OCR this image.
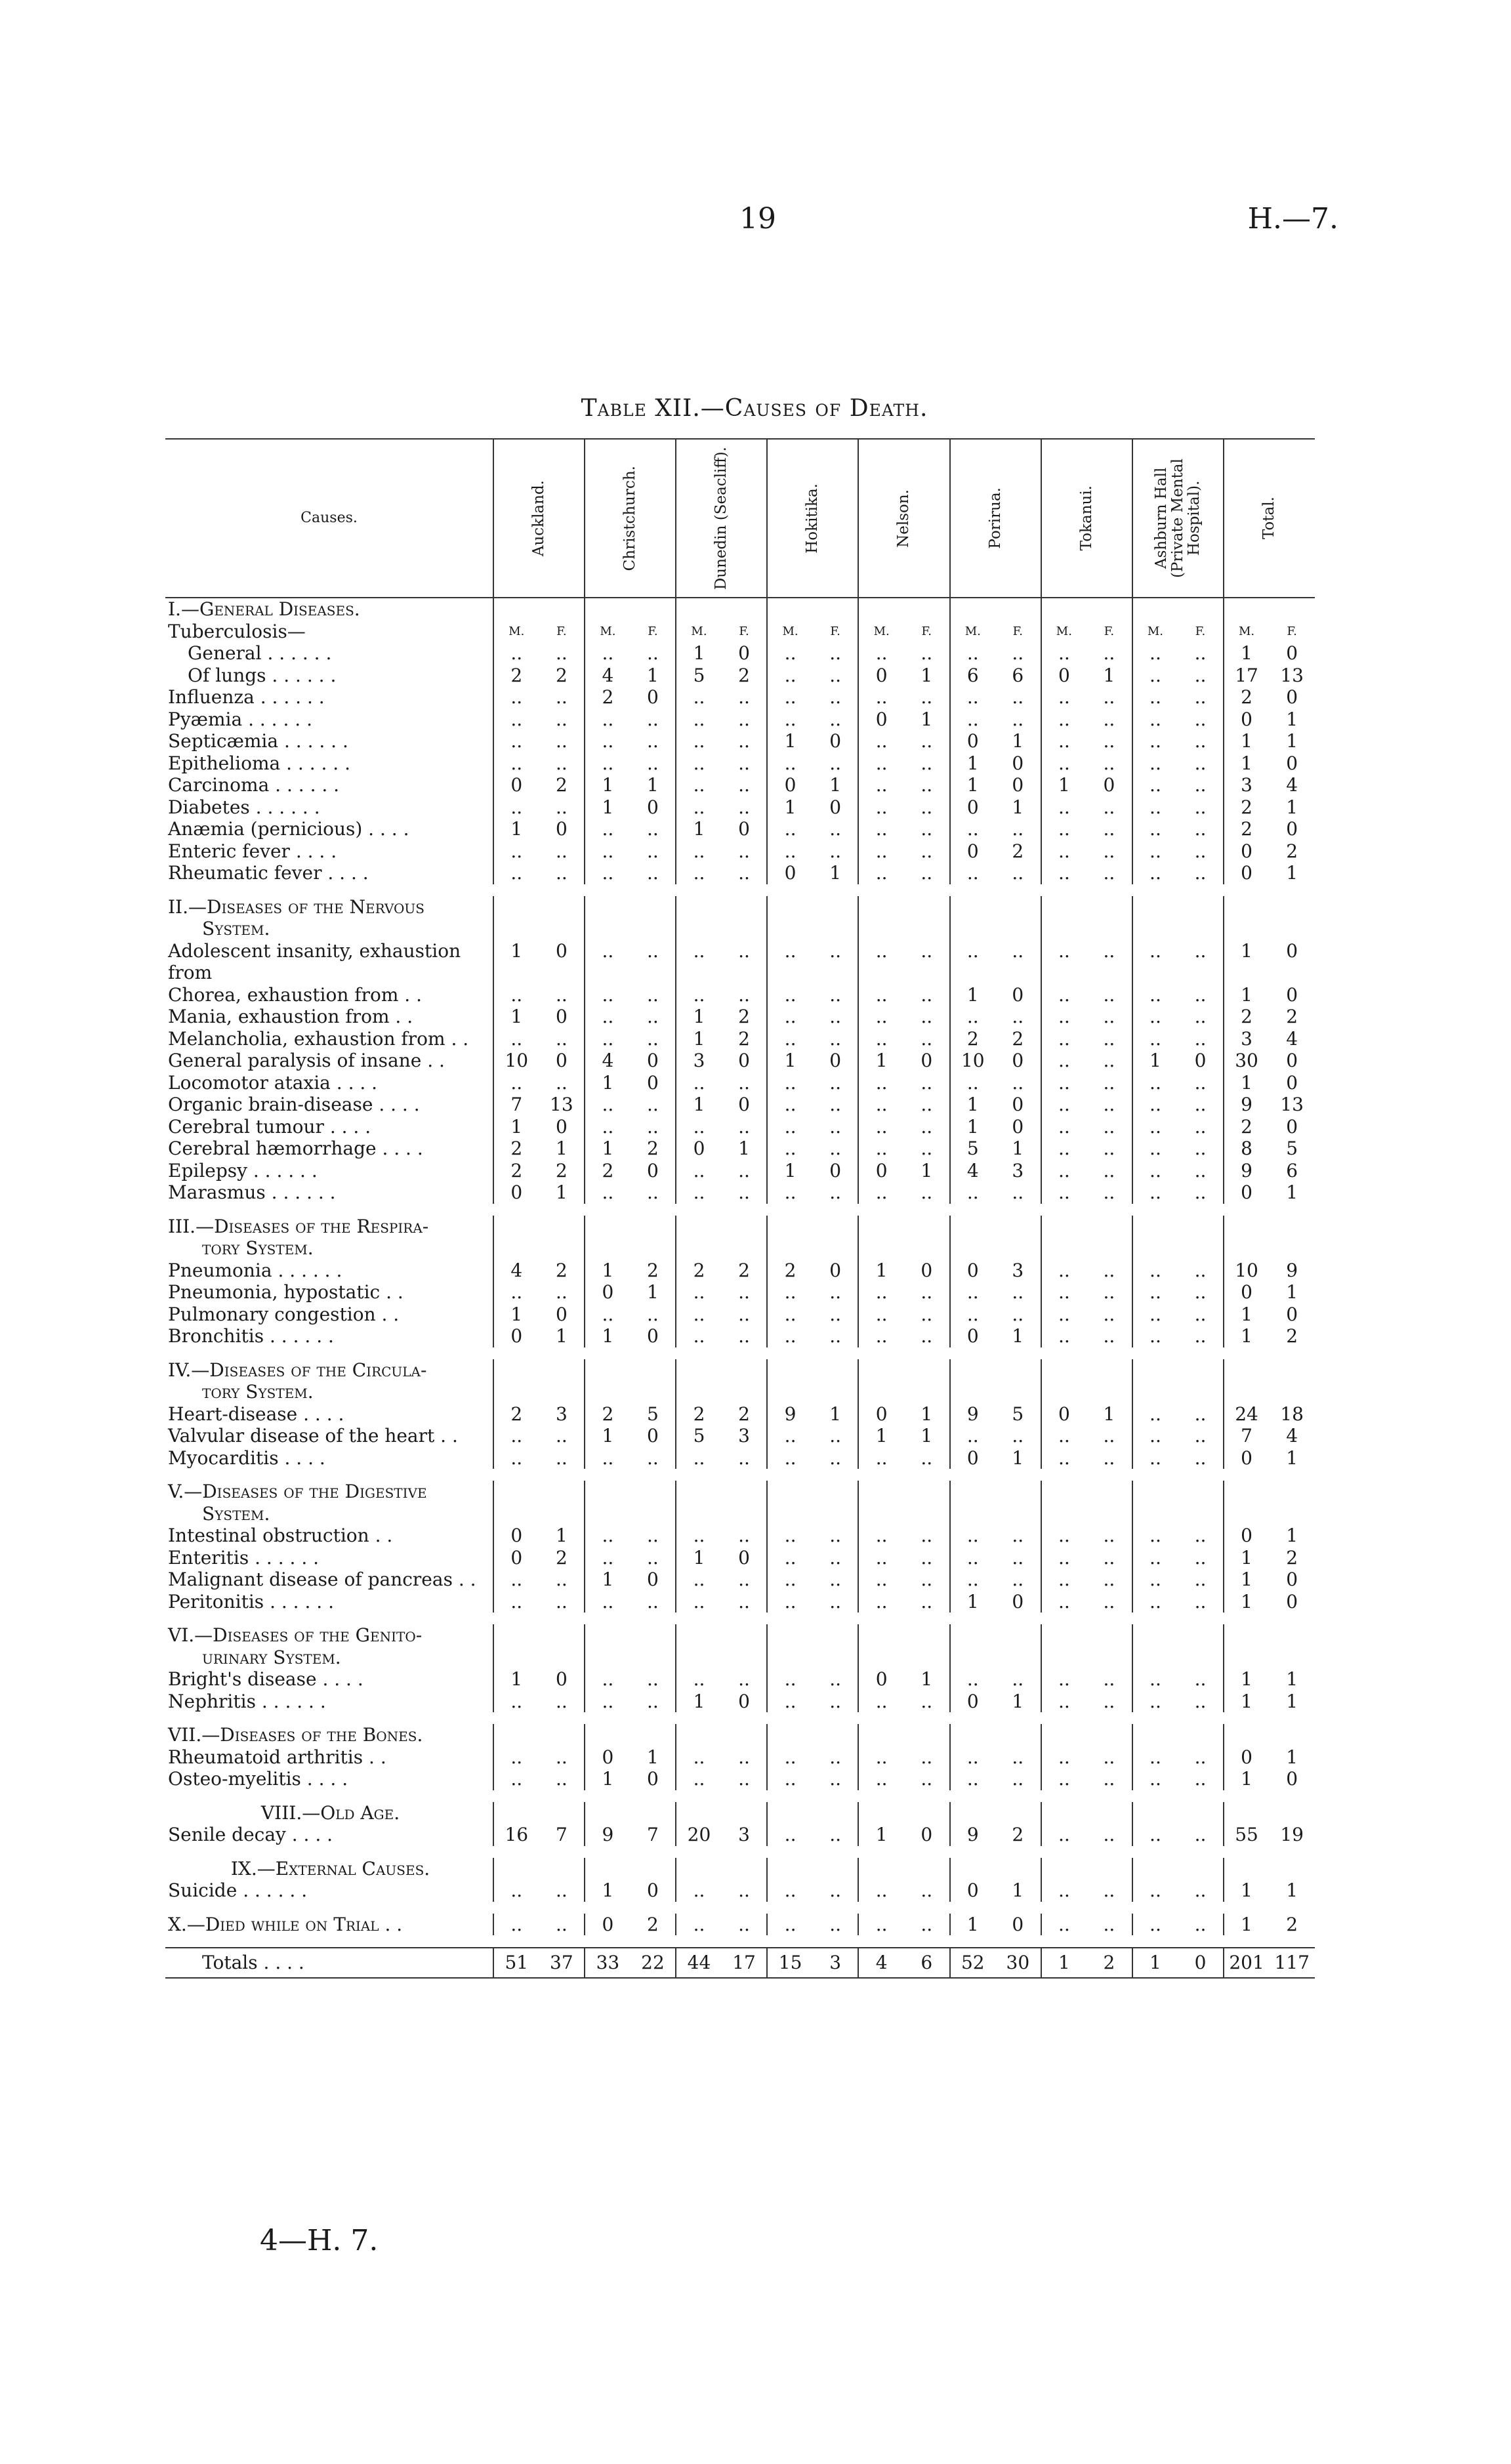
19	H.—7.
Table XII.—Causes of Death.
Causes.	Auckland.		Christchurch.		Dunedin (Seacliff).		Hokitika.		Nelson.		Porirua.		Tokanui.		Ashburn Hall (Private Mental Hospital).		Total.	

I.—General Diseases.																		
Tuberculosis—	M.	F.	M.	F.	M.	F.	M.	F.	M.	F.	M.	F.	M.	F.	M.	F.	M.	F.
General . . . . . .	..	..	..	..	1	0	..	..	..	..	..	..	..	..	..	..	1	0
Of lungs . . . . . .	2	2	4	1	5	2	..	..	0	1	6	6	0	1	..	..	17	13
Influenza . . . . . .	..	..	2	0	..	..	..	..	..	..	..	..	..	..	..	..	2	0
Pyæmia . . . . . .	..	..	..	..	..	..	..	..	0	1	..	..	..	..	..	..	0	1
Septicæmia . . . . . .	..	..	..	..	..	..	1	0	..	..	0	1	..	..	..	..	1	1
Epithelioma . . . . . .	..	..	..	..	..	..	..	..	..	..	1	0	..	..	..	..	1	0
Carcinoma . . . . . .	0	2	1	1	..	..	0	1	..	..	1	0	1	0	..	..	3	4
Diabetes . . . . . .	..	..	1	0	..	..	1	0	..	..	0	1	..	..	..	..	2	1
Anæmia (pernicious) . . . .	1	0	..	..	1	0	..	..	..	..	..	..	..	..	..	..	2	0
Enteric fever . . . .	..	..	..	..	..	..	..	..	..	..	0	2	..	..	..	..	0	2
Rheumatic fever . . . .	..	..	..	..	..	..	0	1	..	..	..	..	..	..	..	..	0	1

II.—Diseases of the Nervous																		
System.																		
Adolescent insanity, exhaustion	1	0	..	..	..	..	..	..	..	..	..	..	..	..	..	..	1	0
from																		
Chorea, exhaustion from . .	..	..	..	..	..	..	..	..	..	..	1	0	..	..	..	..	1	0
Mania, exhaustion from . .	1	0	..	..	1	2	..	..	..	..	..	..	..	..	..	..	2	2
Melancholia, exhaustion from . .	..	..	..	..	1	2	..	..	..	..	2	2	..	..	..	..	3	4
General paralysis of insane . .	10	0	4	0	3	0	1	0	1	0	10	0	..	..	1	0	30	0
Locomotor ataxia . . . .	..	..	1	0	..	..	..	..	..	..	..	..	..	..	..	..	1	0
Organic brain-disease . . . .	7	13	..	..	1	0	..	..	..	..	1	0	..	..	..	..	9	13
Cerebral tumour . . . .	1	0	..	..	..	..	..	..	..	..	1	0	..	..	..	..	2	0
Cerebral hæmorrhage . . . .	2	1	1	2	0	1	..	..	..	..	5	1	..	..	..	..	8	5
Epilepsy . . . . . .	2	2	2	0	..	..	1	0	0	1	4	3	..	..	..	..	9	6
Marasmus . . . . . .	0	1	..	..	..	..	..	..	..	..	..	..	..	..	..	..	0	1

III.—Diseases of the Respira-																		
tory System.																		
Pneumonia . . . . . .	4	2	1	2	2	2	2	0	1	0	0	3	..	..	..	..	10	9
Pneumonia, hypostatic . .	..	..	0	1	..	..	..	..	..	..	..	..	..	..	..	..	0	1
Pulmonary congestion . .	1	0	..	..	..	..	..	..	..	..	..	..	..	..	..	..	1	0
Bronchitis . . . . . .	0	1	1	0	..	..	..	..	..	..	0	1	..	..	..	..	1	2

IV.—Diseases of the Circula-																		
tory System.																		
Heart-disease . . . .	2	3	2	5	2	2	9	1	0	1	9	5	0	1	..	..	24	18
Valvular disease of the heart . .	..	..	1	0	5	3	..	..	1	1	..	..	..	..	..	..	7	4
Myocarditis . . . .	..	..	..	..	..	..	..	..	..	..	0	1	..	..	..	..	0	1

V.—Diseases of the Digestive																		
System.																		
Intestinal obstruction . .	0	1	..	..	..	..	..	..	..	..	..	..	..	..	..	..	0	1
Enteritis . . . . . .	0	2	..	..	1	0	..	..	..	..	..	..	..	..	..	..	1	2
Malignant disease of pancreas . .	..	..	1	0	..	..	..	..	..	..	..	..	..	..	..	..	1	0
Peritonitis . . . . . .	..	..	..	..	..	..	..	..	..	..	1	0	..	..	..	..	1	0

VI.—Diseases of the Genito-																		
urinary System.																		
Bright's disease . . . .	1	0	..	..	..	..	..	..	0	1	..	..	..	..	..	..	1	1
Nephritis . . . . . .	..	..	..	..	1	0	..	..	..	..	0	1	..	..	..	..	1	1

VII.—Diseases of the Bones.																		
Rheumatoid arthritis . .	..	..	0	1	..	..	..	..	..	..	..	..	..	..	..	..	0	1
Osteo-myelitis . . . .	..	..	1	0	..	..	..	..	..	..	..	..	..	..	..	..	1	0

VIII.—Old Age.																		
Senile decay . . . .	16	7	9	7	20	3	..	..	1	0	9	2	..	..	..	..	55	19

IX.—External Causes.																		
Suicide . . . . . .	..	..	1	0	..	..	..	..	..	..	0	1	..	..	..	..	1	1

X.—Died while on Trial . .	..	..	0	2	..	..	..	..	..	..	1	0	..	..	..	..	1	2

Totals . . . .	51	37	33	22	44	17	15	3	4	6	52	30	1	2	1	0	201	117
4—H. 7.
